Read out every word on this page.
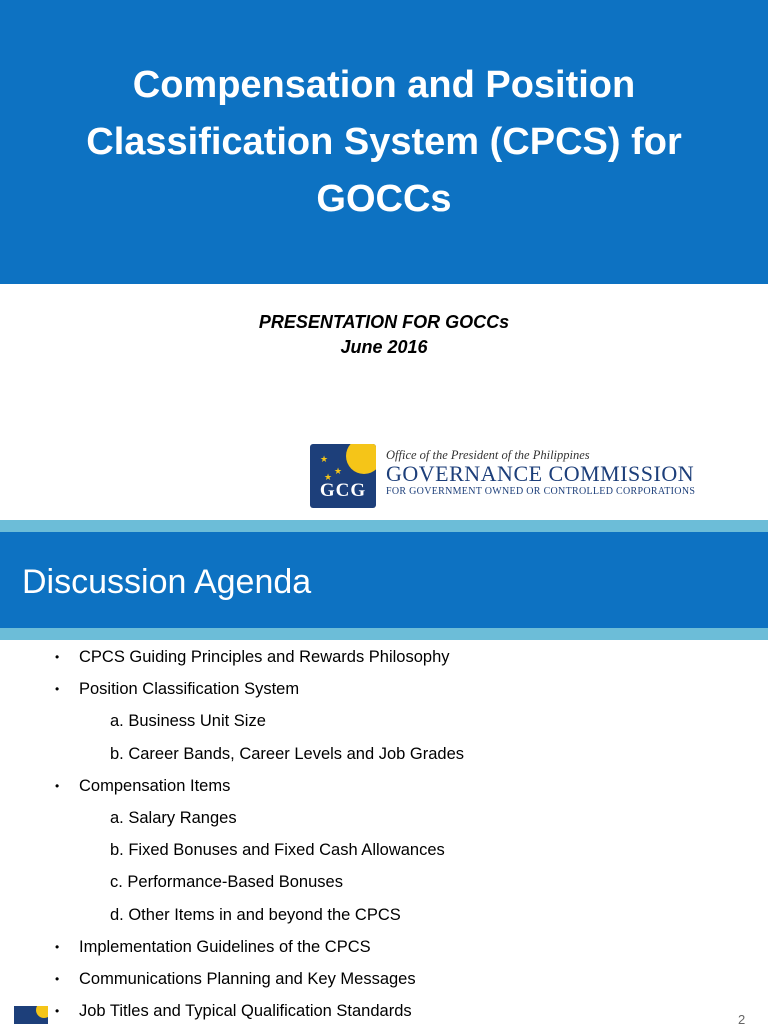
Compensation and Position Classification System (CPCS) for GOCCs
PRESENTATION FOR GOCCs
June 2016
★
★
★
GCG
Office of the President of the Philippines
GOVERNANCE COMMISSION
FOR GOVERNMENT OWNED OR CONTROLLED CORPORATIONS
Discussion Agenda
• CPCS Guiding Principles and Rewards Philosophy
• Position Classification System
a. Business Unit Size
b. Career Bands, Career Levels and Job Grades
• Compensation Items
a. Salary Ranges
b. Fixed Bonuses and Fixed Cash Allowances
c. Performance-Based Bonuses
d. Other Items in and beyond the CPCS
• Implementation Guidelines of the CPCS
• Communications Planning and Key Messages
• Job Titles and Typical Qualification Standards	2
